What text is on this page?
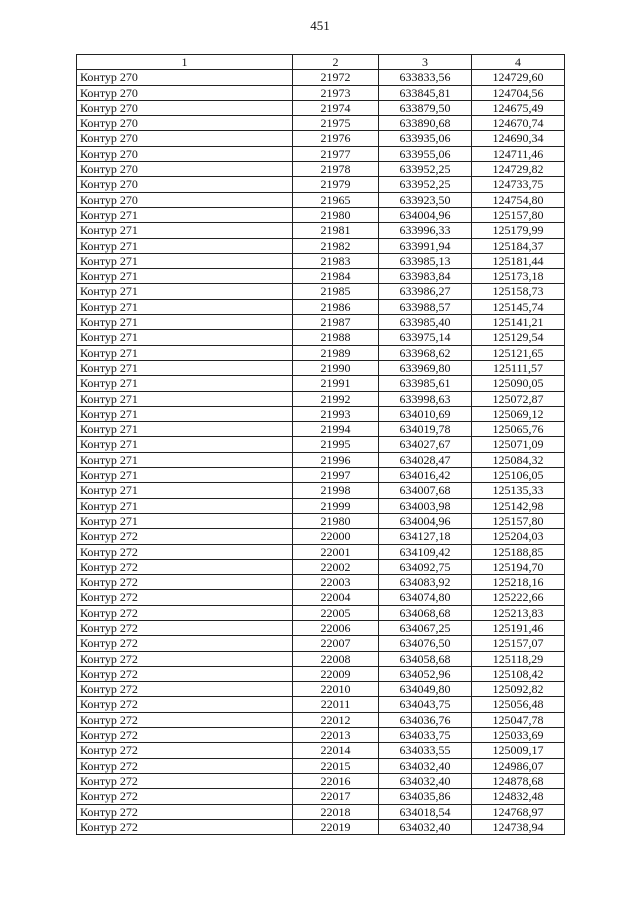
451
1	2	3	4
Контур 270	21972	633833,56	124729,60
Контур 270	21973	633845,81	124704,56
Контур 270	21974	633879,50	124675,49
Контур 270	21975	633890,68	124670,74
Контур 270	21976	633935,06	124690,34
Контур 270	21977	633955,06	124711,46
Контур 270	21978	633952,25	124729,82
Контур 270	21979	633952,25	124733,75
Контур 270	21965	633923,50	124754,80
Контур 271	21980	634004,96	125157,80
Контур 271	21981	633996,33	125179,99
Контур 271	21982	633991,94	125184,37
Контур 271	21983	633985,13	125181,44
Контур 271	21984	633983,84	125173,18
Контур 271	21985	633986,27	125158,73
Контур 271	21986	633988,57	125145,74
Контур 271	21987	633985,40	125141,21
Контур 271	21988	633975,14	125129,54
Контур 271	21989	633968,62	125121,65
Контур 271	21990	633969,80	125111,57
Контур 271	21991	633985,61	125090,05
Контур 271	21992	633998,63	125072,87
Контур 271	21993	634010,69	125069,12
Контур 271	21994	634019,78	125065,76
Контур 271	21995	634027,67	125071,09
Контур 271	21996	634028,47	125084,32
Контур 271	21997	634016,42	125106,05
Контур 271	21998	634007,68	125135,33
Контур 271	21999	634003,98	125142,98
Контур 271	21980	634004,96	125157,80
Контур 272	22000	634127,18	125204,03
Контур 272	22001	634109,42	125188,85
Контур 272	22002	634092,75	125194,70
Контур 272	22003	634083,92	125218,16
Контур 272	22004	634074,80	125222,66
Контур 272	22005	634068,68	125213,83
Контур 272	22006	634067,25	125191,46
Контур 272	22007	634076,50	125157,07
Контур 272	22008	634058,68	125118,29
Контур 272	22009	634052,96	125108,42
Контур 272	22010	634049,80	125092,82
Контур 272	22011	634043,75	125056,48
Контур 272	22012	634036,76	125047,78
Контур 272	22013	634033,75	125033,69
Контур 272	22014	634033,55	125009,17
Контур 272	22015	634032,40	124986,07
Контур 272	22016	634032,40	124878,68
Контур 272	22017	634035,86	124832,48
Контур 272	22018	634018,54	124768,97
Контур 272	22019	634032,40	124738,94
